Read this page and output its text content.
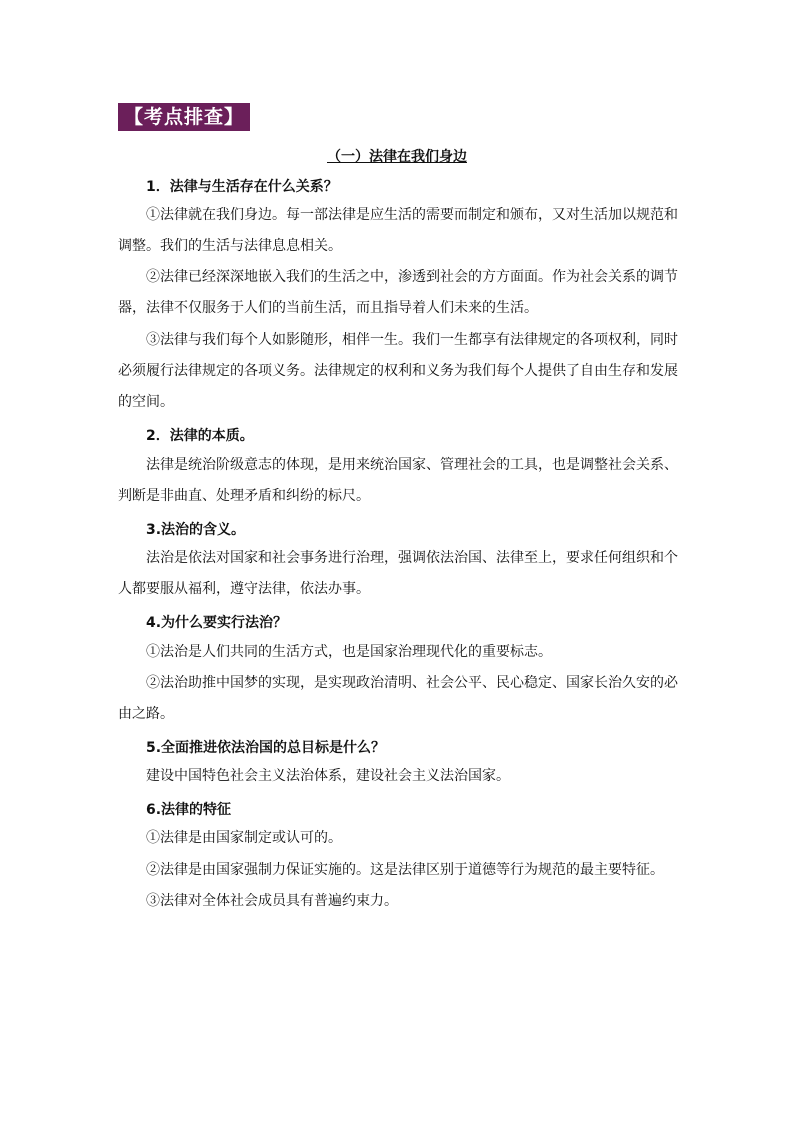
【考点排查】
（一）法律在我们身边
1．法律与生活存在什么关系？

①法律就在我们身边。每一部法律是应生活的需要而制定和颁布，又对生活加以规范和调整。我们的生活与法律息息相关。

②法律已经深深地嵌入我们的生活之中，渗透到社会的方方面面。作为社会关系的调节器，法律不仅服务于人们的当前生活，而且指导着人们未来的生活。

③法律与我们每个人如影随形，相伴一生。我们一生都享有法律规定的各项权利，同时必须履行法律规定的各项义务。法律规定的权利和义务为我们每个人提供了自由生存和发展的空间。

2．法律的本质。

法律是统治阶级意志的体现，是用来统治国家、管理社会的工具，也是调整社会关系、判断是非曲直、处理矛盾和纠纷的标尺。

3.法治的含义。

法治是依法对国家和社会事务进行治理，强调依法治国、法律至上，要求任何组织和个人都要服从福利，遵守法律，依法办事。

4.为什么要实行法治？

①法治是人们共同的生活方式，也是国家治理现代化的重要标志。

②法治助推中国梦的实现，是实现政治清明、社会公平、民心稳定、国家长治久安的必由之路。

5.全面推进依法治国的总目标是什么？

建设中国特色社会主义法治体系，建设社会主义法治国家。

6.法律的特征

①法律是由国家制定或认可的。

②法律是由国家强制力保证实施的。这是法律区别于道德等行为规范的最主要特征。

③法律对全体社会成员具有普遍约束力。
